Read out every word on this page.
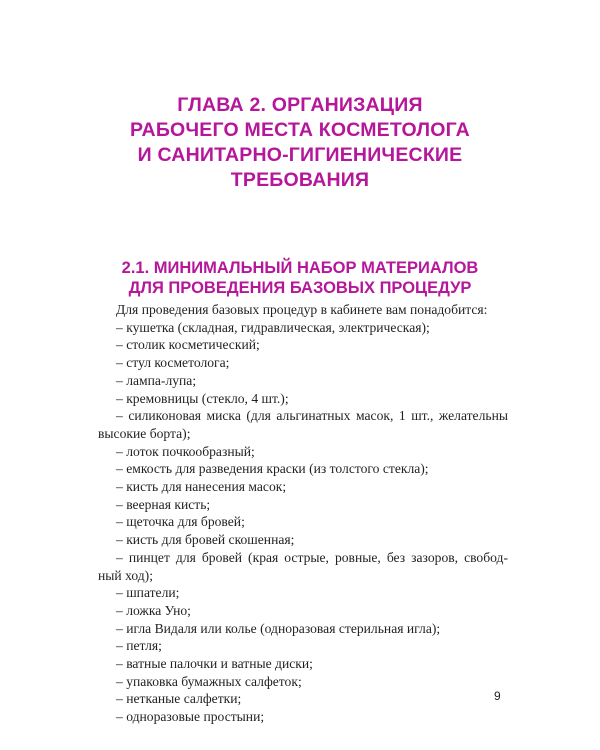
ГЛАВА 2. ОРГАНИЗАЦИЯ
РАБОЧЕГО МЕСТА КОСМЕТОЛОГА
И САНИТАРНО-ГИГИЕНИЧЕСКИЕ
ТРЕБОВАНИЯ
2.1. МИНИМАЛЬНЫЙ НАБОР МАТЕРИАЛОВ
ДЛЯ ПРОВЕДЕНИЯ БАЗОВЫХ ПРОЦЕДУР
Для проведения базовых процедур в кабинете вам понадобится:
– кушетка (складная, гидравлическая, электрическая);
– столик косметический;
– стул косметолога;
– лампа-лупа;
– кремовницы (стекло, 4 шт.);
– силиконовая миска (для альгинатных масок, 1 шт., желательны
высокие борта);
– лоток почкообразный;
– емкость для разведения краски (из толстого стекла);
– кисть для нанесения масок;
– веерная кисть;
– щеточка для бровей;
– кисть для бровей скошенная;
– пинцет для бровей (края острые, ровные, без зазоров, свобод-
ный ход);
– шпатели;
– ложка Уно;
– игла Видаля или колье (одноразовая стерильная игла);
– петля;
– ватные палочки и ватные диски;
– упаковка бумажных салфеток;
– нетканые салфетки;
– одноразовые простыни;
9
